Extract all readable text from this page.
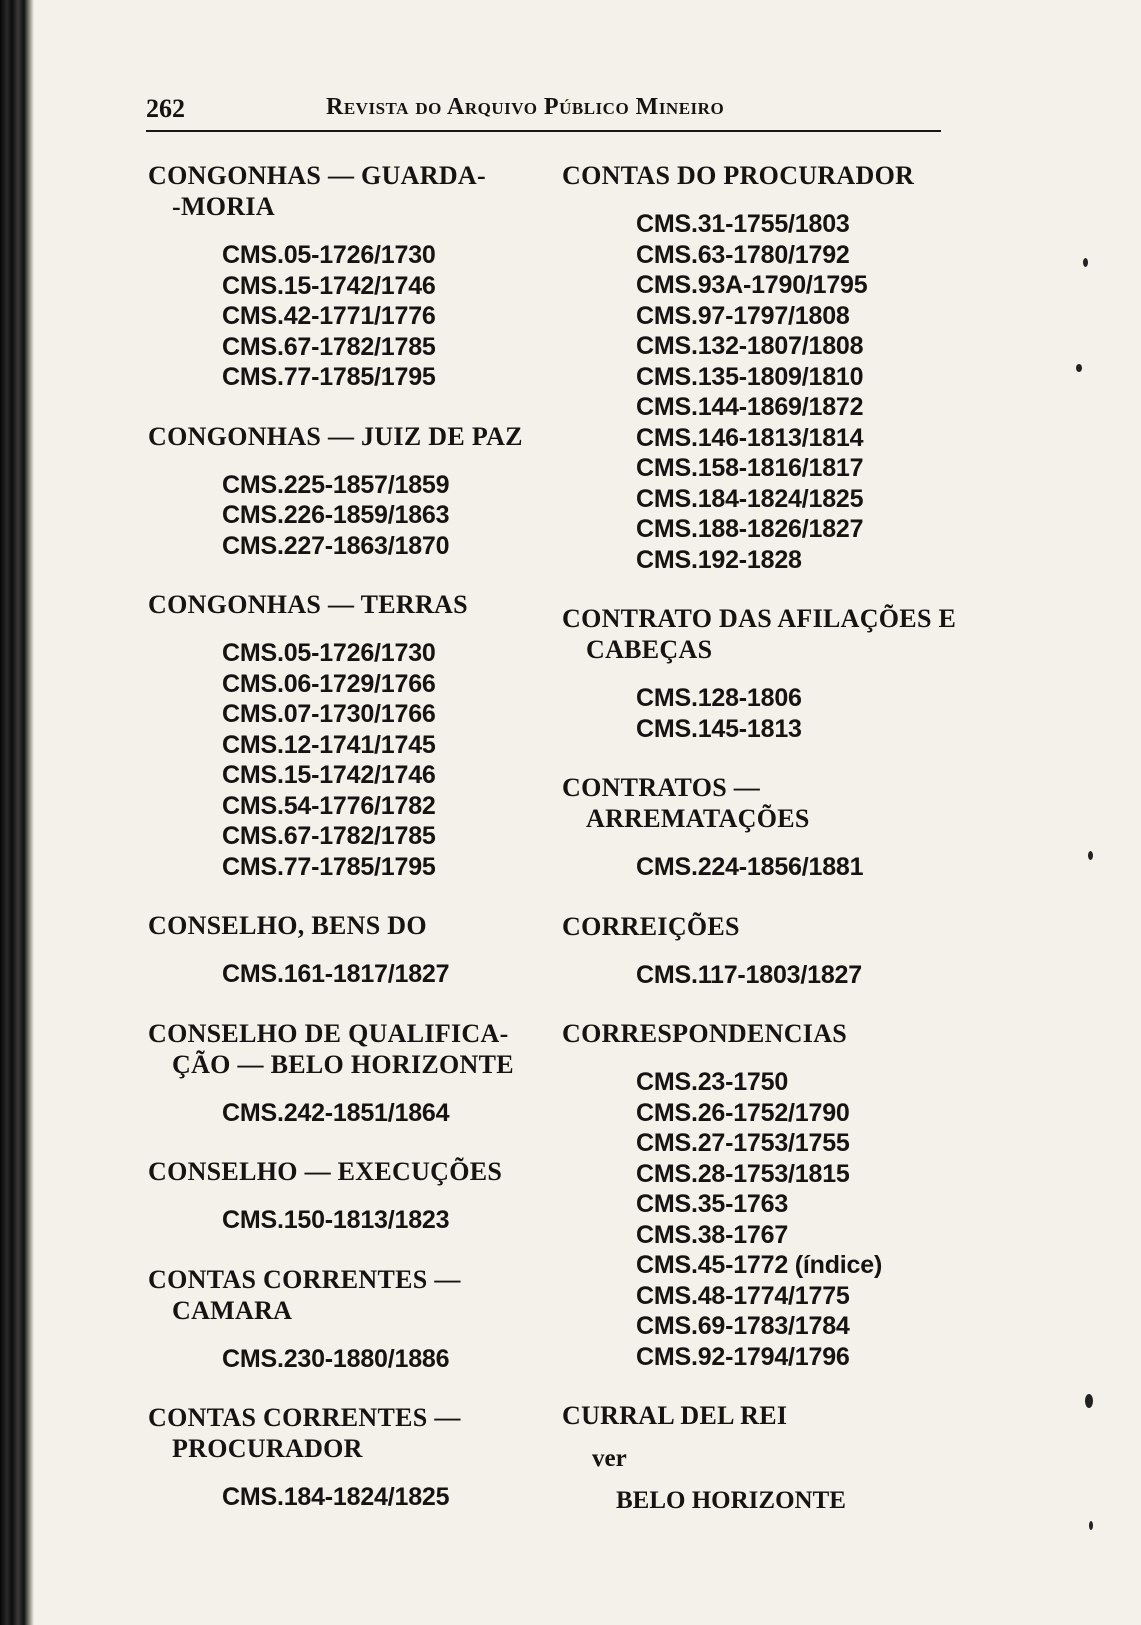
262	Revista do Arquivo Público Mineiro
CONGONHAS — GUARDA-
-MORIA
CMS.05-1726/1730
CMS.15-1742/1746
CMS.42-1771/1776
CMS.67-1782/1785
CMS.77-1785/1795
CONGONHAS — JUIZ DE PAZ
CMS.225-1857/1859
CMS.226-1859/1863
CMS.227-1863/1870
CONGONHAS — TERRAS
CMS.05-1726/1730
CMS.06-1729/1766
CMS.07-1730/1766
CMS.12-1741/1745
CMS.15-1742/1746
CMS.54-1776/1782
CMS.67-1782/1785
CMS.77-1785/1795
CONSELHO, BENS DO
CMS.161-1817/1827
CONSELHO DE QUALIFICA-
ÇÃO — BELO HORIZONTE
CMS.242-1851/1864
CONSELHO — EXECUÇÕES
CMS.150-1813/1823
CONTAS CORRENTES —
CAMARA
CMS.230-1880/1886
CONTAS CORRENTES —
PROCURADOR
CMS.184-1824/1825
CONTAS DO PROCURADOR
CMS.31-1755/1803
CMS.63-1780/1792
CMS.93A-1790/1795
CMS.97-1797/1808
CMS.132-1807/1808
CMS.135-1809/1810
CMS.144-1869/1872
CMS.146-1813/1814
CMS.158-1816/1817
CMS.184-1824/1825
CMS.188-1826/1827
CMS.192-1828
CONTRATO DAS AFILAÇÕES E
CABEÇAS
CMS.128-1806
CMS.145-1813
CONTRATOS —
ARREMATAÇÕES
CMS.224-1856/1881
CORREIÇÕES
CMS.117-1803/1827
CORRESPONDENCIAS
CMS.23-1750
CMS.26-1752/1790
CMS.27-1753/1755
CMS.28-1753/1815
CMS.35-1763
CMS.38-1767
CMS.45-1772 (índice)
CMS.48-1774/1775
CMS.69-1783/1784
CMS.92-1794/1796
CURRAL DEL REI
ver
BELO HORIZONTE
